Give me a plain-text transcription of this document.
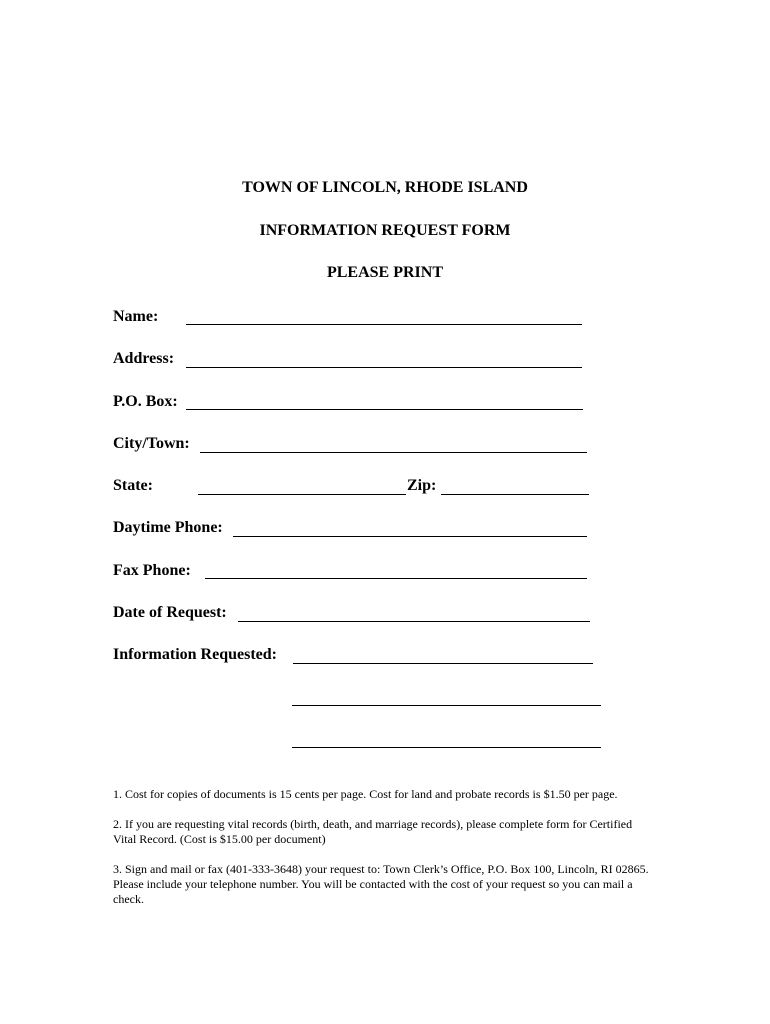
TOWN OF LINCOLN, RHODE ISLAND
INFORMATION REQUEST FORM
PLEASE PRINT
Name:
Address:
P.O. Box:
City/Town:
State:	Zip:
Daytime Phone:
Fax Phone:
Date of Request:
Information Requested:
1. Cost for copies of documents is 15 cents per page. Cost for land and probate records is $1.50 per page.
2. If you are requesting vital records (birth, death, and marriage records), please complete form for Certified Vital Record. (Cost is $15.00 per document)
3. Sign and mail or fax (401-333-3648) your request to: Town Clerk’s Office, P.O. Box 100, Lincoln, RI 02865. Please include your telephone number. You will be contacted with the cost of your request so you can mail a check.
